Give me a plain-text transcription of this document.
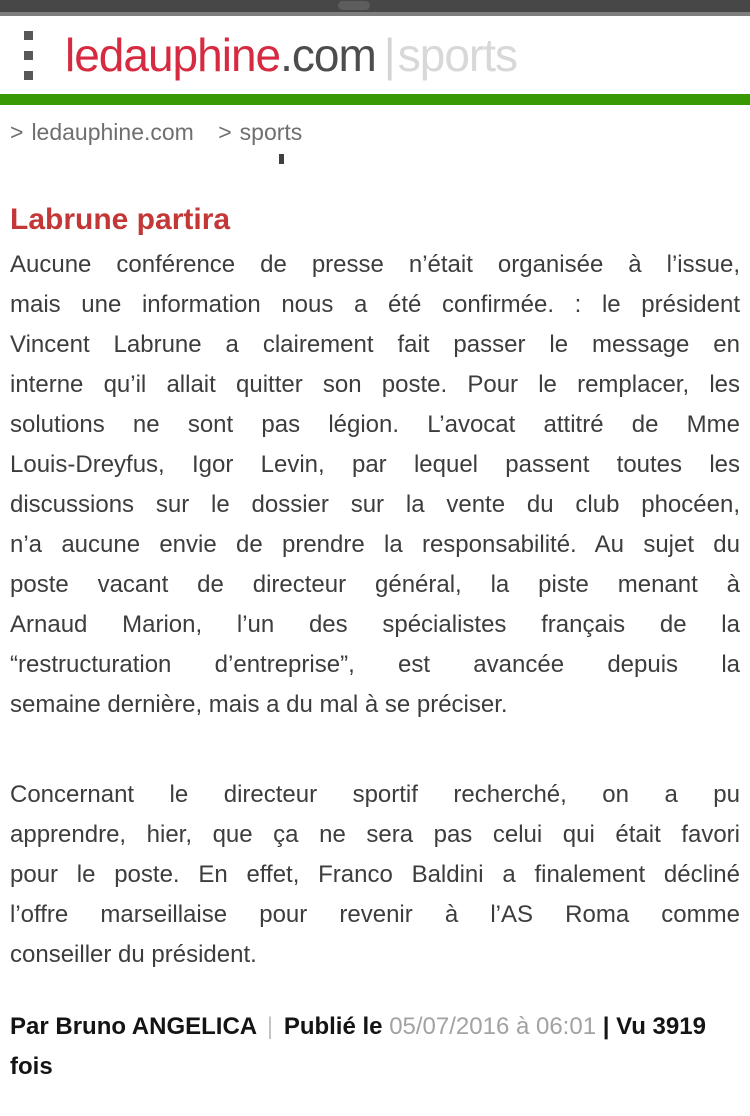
ledauphine.com |sports
> ledauphine.com > sports
Labrune partira
Aucune conférence de presse n’était organisée à l’issue,
mais une information nous a été confirmée. : le président
Vincent Labrune a clairement fait passer le message en
interne qu’il allait quitter son poste. Pour le remplacer, les
solutions ne sont pas légion. L’avocat attitré de Mme
Louis-Dreyfus, Igor Levin, par lequel passent toutes les
discussions sur le dossier sur la vente du club phocéen,
n’a aucune envie de prendre la responsabilité. Au sujet du
poste vacant de directeur général, la piste menant à
Arnaud Marion, l’un des spécialistes français de la
“restructuration d’entreprise”, est avancée depuis la
semaine dernière, mais a du mal à se préciser.
Concernant le directeur sportif recherché, on a pu
apprendre, hier, que ça ne sera pas celui qui était favori
pour le poste. En effet, Franco Baldini a finalement décliné
l’offre marseillaise pour revenir à l’AS Roma comme
conseiller du président.

Par Bruno ANGELICA | Publié le 05/07/2016 à 06:01 | Vu 3919 fois
